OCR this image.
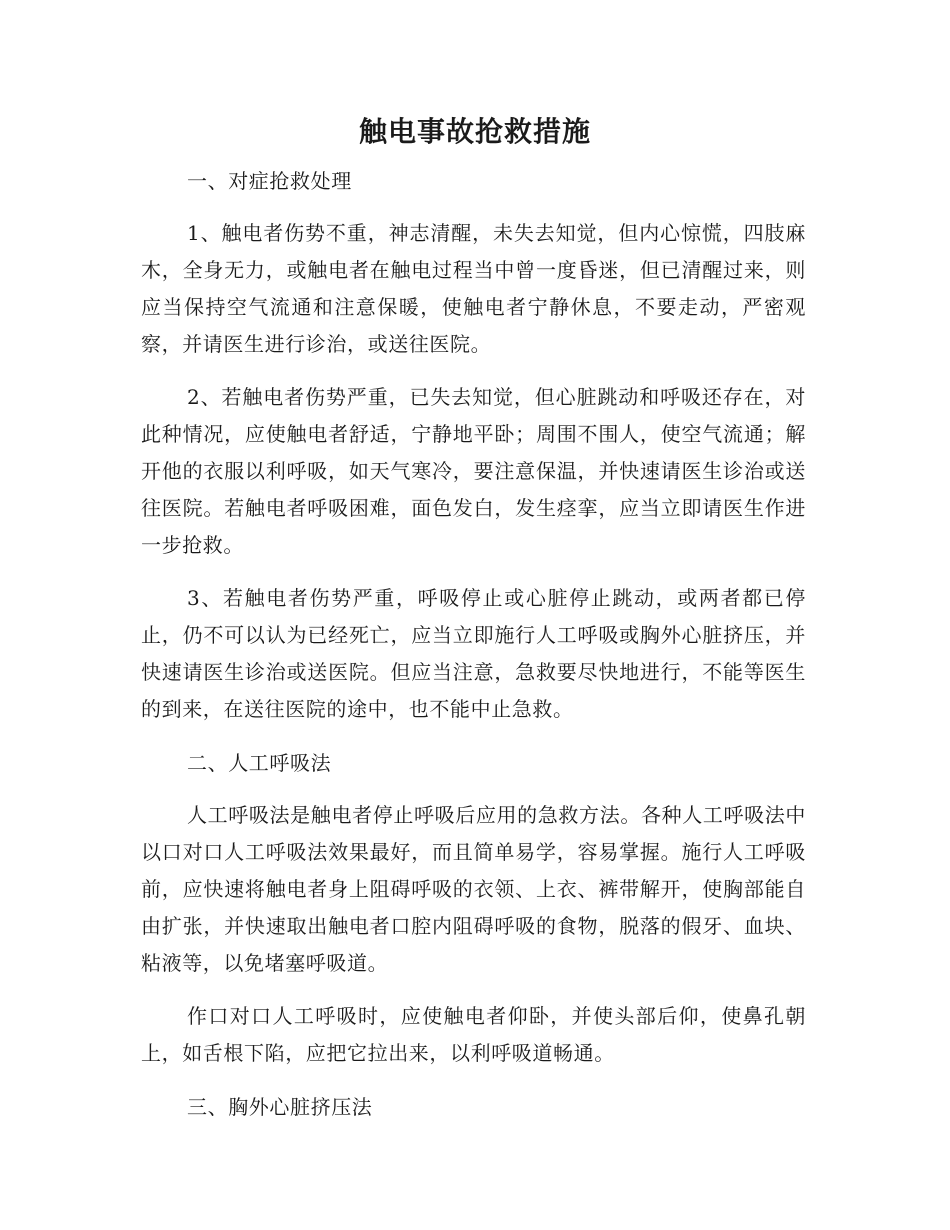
触电事故抢救措施

一、对症抢救处理

1、触电者伤势不重，神志清醒，未失去知觉，但内心惊慌，四肢麻木，全身无力，或触电者在触电过程当中曾一度昏迷，但已清醒过来，则应当保持空气流通和注意保暖，使触电者宁静休息，不要走动，严密观察，并请医生进行诊治，或送往医院。

2、若触电者伤势严重，已失去知觉，但心脏跳动和呼吸还存在，对此种情况，应使触电者舒适，宁静地平卧；周围不围人，使空气流通；解开他的衣服以利呼吸，如天气寒冷，要注意保温，并快速请医生诊治或送往医院。若触电者呼吸困难，面色发白，发生痉挛，应当立即请医生作进一步抢救。

3、若触电者伤势严重，呼吸停止或心脏停止跳动，或两者都已停止，仍不可以认为已经死亡，应当立即施行人工呼吸或胸外心脏挤压，并快速请医生诊治或送医院。但应当注意，急救要尽快地进行，不能等医生的到来，在送往医院的途中，也不能中止急救。

二、人工呼吸法

人工呼吸法是触电者停止呼吸后应用的急救方法。各种人工呼吸法中以口对口人工呼吸法效果最好，而且简单易学，容易掌握。施行人工呼吸前，应快速将触电者身上阻碍呼吸的衣领、上衣、裤带解开，使胸部能自由扩张，并快速取出触电者口腔内阻碍呼吸的食物，脱落的假牙、血块、粘液等，以免堵塞呼吸道。

作口对口人工呼吸时，应使触电者仰卧，并使头部后仰，使鼻孔朝上，如舌根下陷，应把它拉出来，以利呼吸道畅通。

三、胸外心脏挤压法
